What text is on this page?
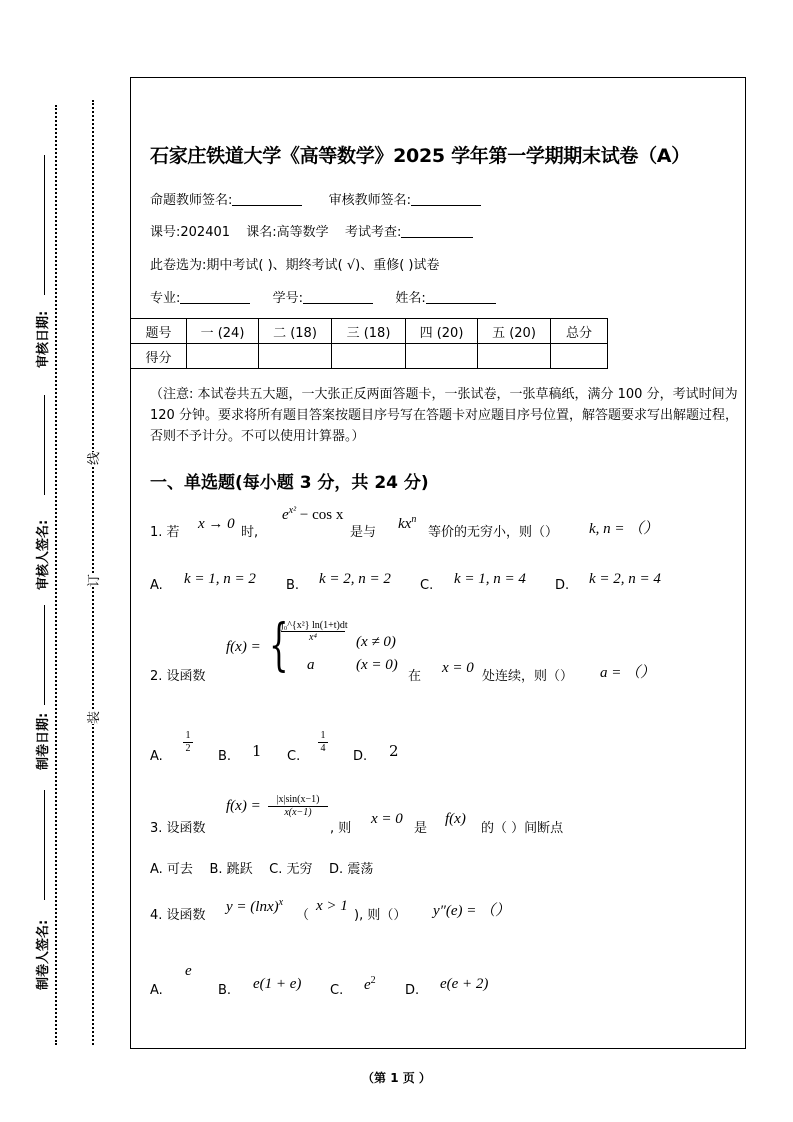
审核日期:
审核人签名:
制卷日期:
制卷人签名:
线
订
装
石家庄铁道大学《高等数学》2025 学年第一学期期末试卷（A）
命题教师签名:	审核教师签名:
课号:202401 课名:高等数学 考试考查:
此卷选为:期中考试( )、期终考试( √)、重修( )试卷
专业:	学号:	姓名:
题号	一 (24)	二 (18)	三 (18)	四 (20)	五 (20)	总分
得分						
（注意: 本试卷共五大题，一大张正反两面答题卡，一张试卷，一张草稿纸，满分 100 分，考试时间为 120 分钟。要求将所有题目答案按题目序号写在答题卡对应题目序号位置，解答题要求写出解题过程，否则不予计分。不可以使用计算器。）
一、单选题(每小题 3 分，共 24 分)
1. 若
x → 0
时,
$e^{x^2} - \cos x$
是与
$kx^n$
等价的无穷小，则（） k, n = （）
A. k = 1, n = 2 B. k = 2, n = 2 C. k = 1, n = 4 D. k = 2, n = 4
2. 设函数
f(x) = {
$\frac{\text{∫₀\textasciicircum{}\{x²\} ln(1+t)dt}}{\text{x⁴}} (x \ne 0)$
a	(x = 0)
在
x = 0
处连续，则（） a = （）
A.
$\frac{1}{2}$
B. 1 C.
$\frac{1}{4}$
D. 2
3. 设函数
$f(x) = \frac{|x|\sin(x-1)}{x(x-1)}$
, 则
x = 0
是
f(x)
的（ ）间断点
A. 可去    B. 跳跃    C. 无穷    D. 震荡
4. 设函数
$y = (\ln x)^x$
（
x > 1
), 则（） y″(e) = （）
A.
e
B. e(1 + e) C. $e^2$
D. e(e + 2)
（第 1 页 ）
